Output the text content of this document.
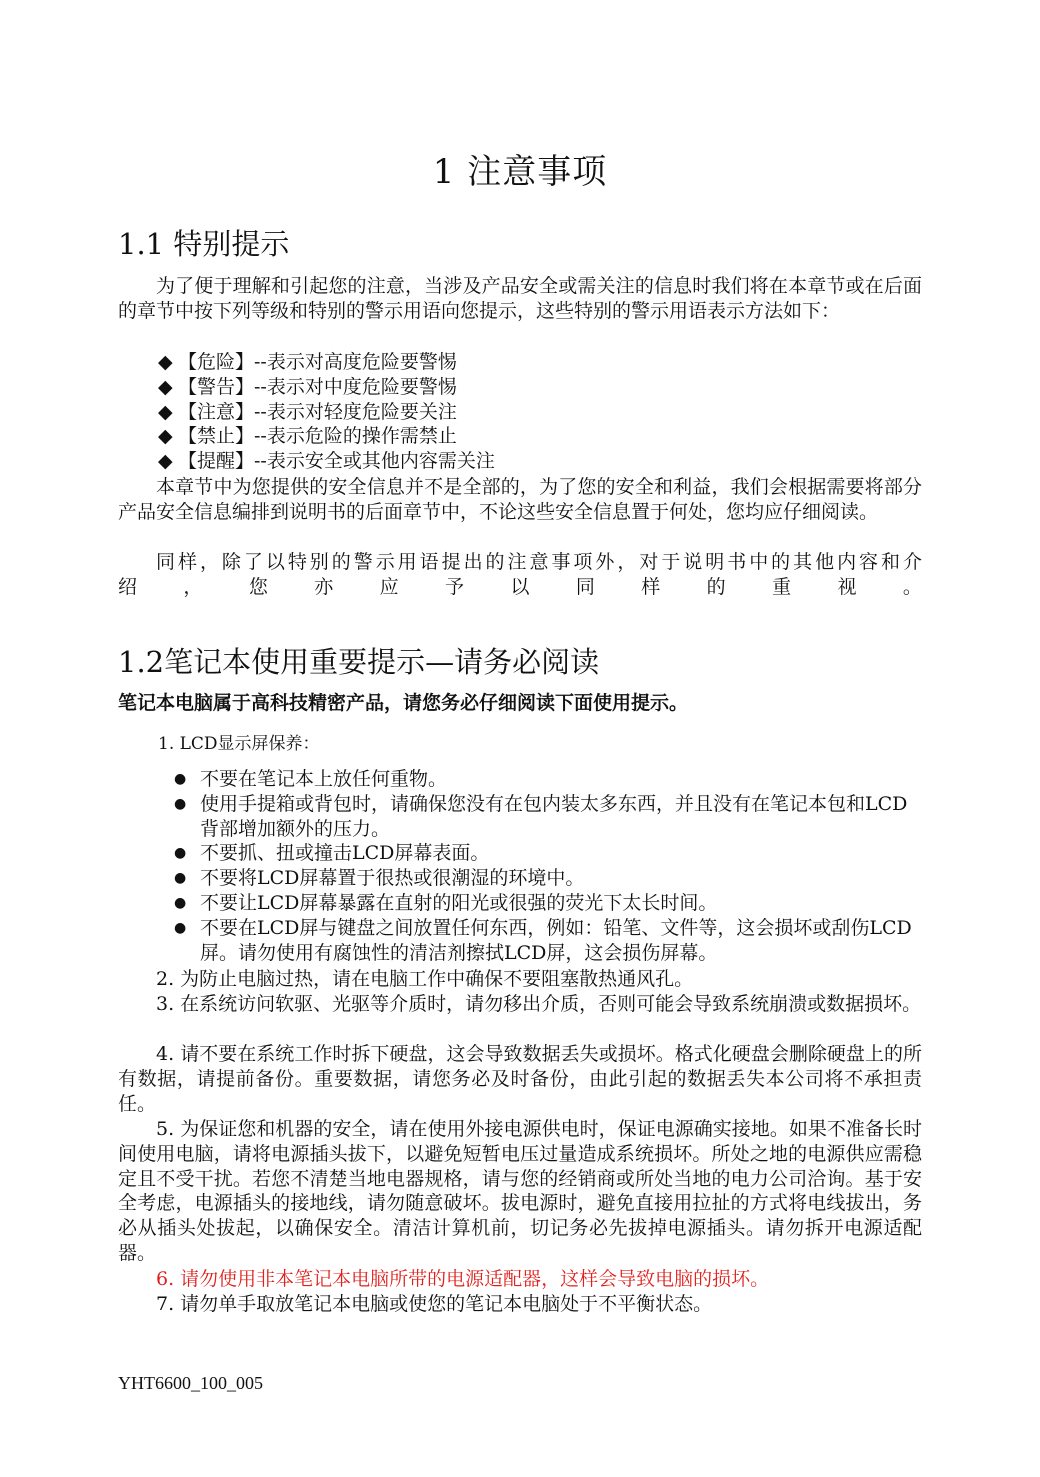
1 注意事项
1.1 特别提示

为了便于理解和引起您的注意，当涉及产品安全或需关注的信息时我们将在本章节或在后面的章节中按下列等级和特别的警示用语向您提示，这些特别的警示用语表示方法如下：

◆ 【危险】--表示对高度危险要警惕
◆ 【警告】--表示对中度危险要警惕
◆ 【注意】--表示对轻度危险要关注
◆ 【禁止】--表示危险的操作需禁止
◆ 【提醒】--表示安全或其他内容需关注

本章节中为您提供的安全信息并不是全部的，为了您的安全和利益，我们会根据需要将部分产品安全信息编排到说明书的后面章节中，不论这些安全信息置于何处，您均应仔细阅读。

同样，除了以特别的警示用语提出的注意事项外，对于说明书中的其他内容和介

绍 ， 您 亦 应 予 以 同 样 的 重 视 。

1.2笔记本使用重要提示—请务必阅读

笔记本电脑属于高科技精密产品，请您务必仔细阅读下面使用提示。

1. LCD显示屏保养：

● 不要在笔记本上放任何重物。
● 使用手提箱或背包时，请确保您没有在包内装太多东西，并且没有在笔记本包和LCD背部增加额外的压力。
● 不要抓、扭或撞击LCD屏幕表面。
● 不要将LCD屏幕置于很热或很潮湿的环境中。
● 不要让LCD屏幕暴露在直射的阳光或很强的荧光下太长时间。
● 不要在LCD屏与键盘之间放置任何东西，例如：铅笔、文件等，这会损坏或刮伤LCD屏。请勿使用有腐蚀性的清洁剂擦拭LCD屏，这会损伤屏幕。

2. 为防止电脑过热，请在电脑工作中确保不要阻塞散热通风孔。

3. 在系统访问软驱、光驱等介质时，请勿移出介质，否则可能会导致系统崩溃或数据损坏。

4. 请不要在系统工作时拆下硬盘，这会导致数据丢失或损坏。格式化硬盘会删除硬盘上的所有数据，请提前备份。重要数据，请您务必及时备份，由此引起的数据丢失本公司将不承担责任。

5. 为保证您和机器的安全，请在使用外接电源供电时，保证电源确实接地。如果不准备长时间使用电脑，请将电源插头拔下，以避免短暂电压过量造成系统损坏。所处之地的电源供应需稳定且不受干扰。若您不清楚当地电器规格，请与您的经销商或所处当地的电力公司洽询。基于安全考虑，电源插头的接地线，请勿随意破坏。拔电源时，避免直接用拉扯的方式将电线拔出，务必从插头处拔起，以确保安全。清洁计算机前，切记务必先拔掉电源插头。请勿拆开电源适配器。

6. 请勿使用非本笔记本电脑所带的电源适配器，这样会导致电脑的损坏。

7. 请勿单手取放笔记本电脑或使您的笔记本电脑处于不平衡状态。

YHT6600_100_005
